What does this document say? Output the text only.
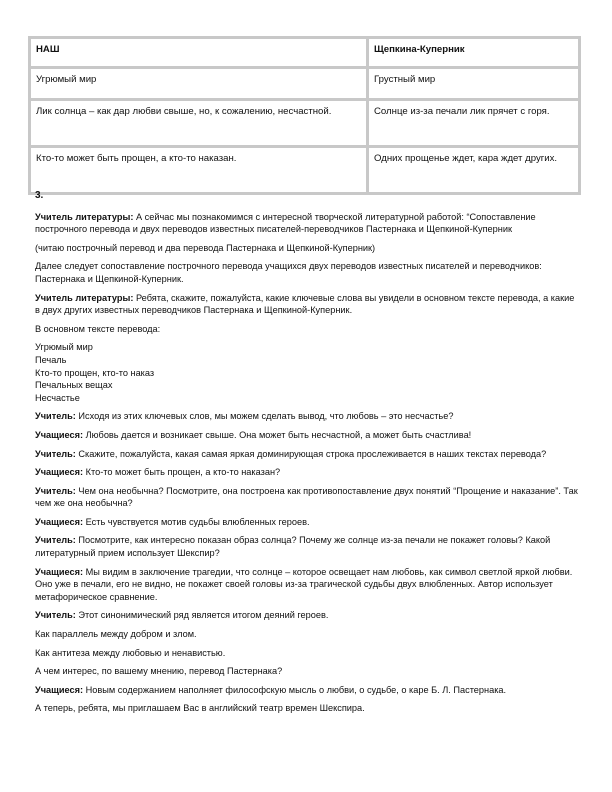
НАШ	Щепкина-Куперник
Угрюмый мир	Грустный мир
Лик солнца – как дар любви свыше, но, к сожалению, несчастной.	Солнце из-за печали лик прячет с горя.
Кто-то может быть прощен, а кто-то наказан.	Одних прощенье ждет, кара ждет других.

3.

Учитель литературы: А сейчас мы познакомимся с интересной творческой литературной работой: “Сопоставление построчного перевода и двух переводов известных писателей-переводчиков Пастернака и Щепкиной-Куперник

(читаю построчный перевод и два перевода Пастернака и Щепкиной-Куперник)

Далее следует сопоставление построчного перевода учащихся двух переводов известных писателей и переводчиков: Пастернака и Щепкиной-Куперник.

Учитель литературы: Ребята, скажите, пожалуйста, какие ключевые слова вы увидели в основном тексте перевода, а какие в двух других известных переводчиков Пастернака и Щепкиной-Куперник.

В основном тексте перевода:

Угрюмый мир

Печаль

Кто-то прощен, кто-то наказ

Печальных вещах

Несчастье

Учитель: Исходя из этих ключевых слов, мы можем сделать вывод, что любовь – это несчастье?

Учащиеся: Любовь дается и возникает свыше. Она может быть несчастной, а может быть счастлива!

Учитель: Скажите, пожалуйста, какая самая яркая доминирующая строка прослеживается в наших текстах перевода?

Учащиеся: Кто-то может быть прощен, а кто-то наказан?

Учитель: Чем она необычна? Посмотрите, она построена как противопоставление двух понятий “Прощение и наказание”. Так чем же она необычна?

Учащиеся: Есть чувствуется мотив судьбы влюбленных героев.

Учитель: Посмотрите, как интересно показан образ солнца? Почему же солнце из-за печали не покажет головы? Какой литературный прием использует Шекспир?

Учащиеся: Мы видим в заключение трагедии, что солнце – которое освещает нам любовь, как символ светлой яркой любви. Оно уже в печали, его не видно, не покажет своей головы из-за трагической судьбы двух влюбленных. Автор использует метафорическое сравнение.

Учитель: Этот синонимический ряд является итогом деяний героев.

Как параллель между добром и злом.

Как антитеза между любовью и ненавистью.

А чем интерес, по вашему мнению, перевод Пастернака?

Учащиеся: Новым содержанием наполняет философскую мысль о любви, о судьбе, о каре Б. Л. Пастернака.

А теперь, ребята, мы приглашаем Вас в английский театр времен Шекспира.
